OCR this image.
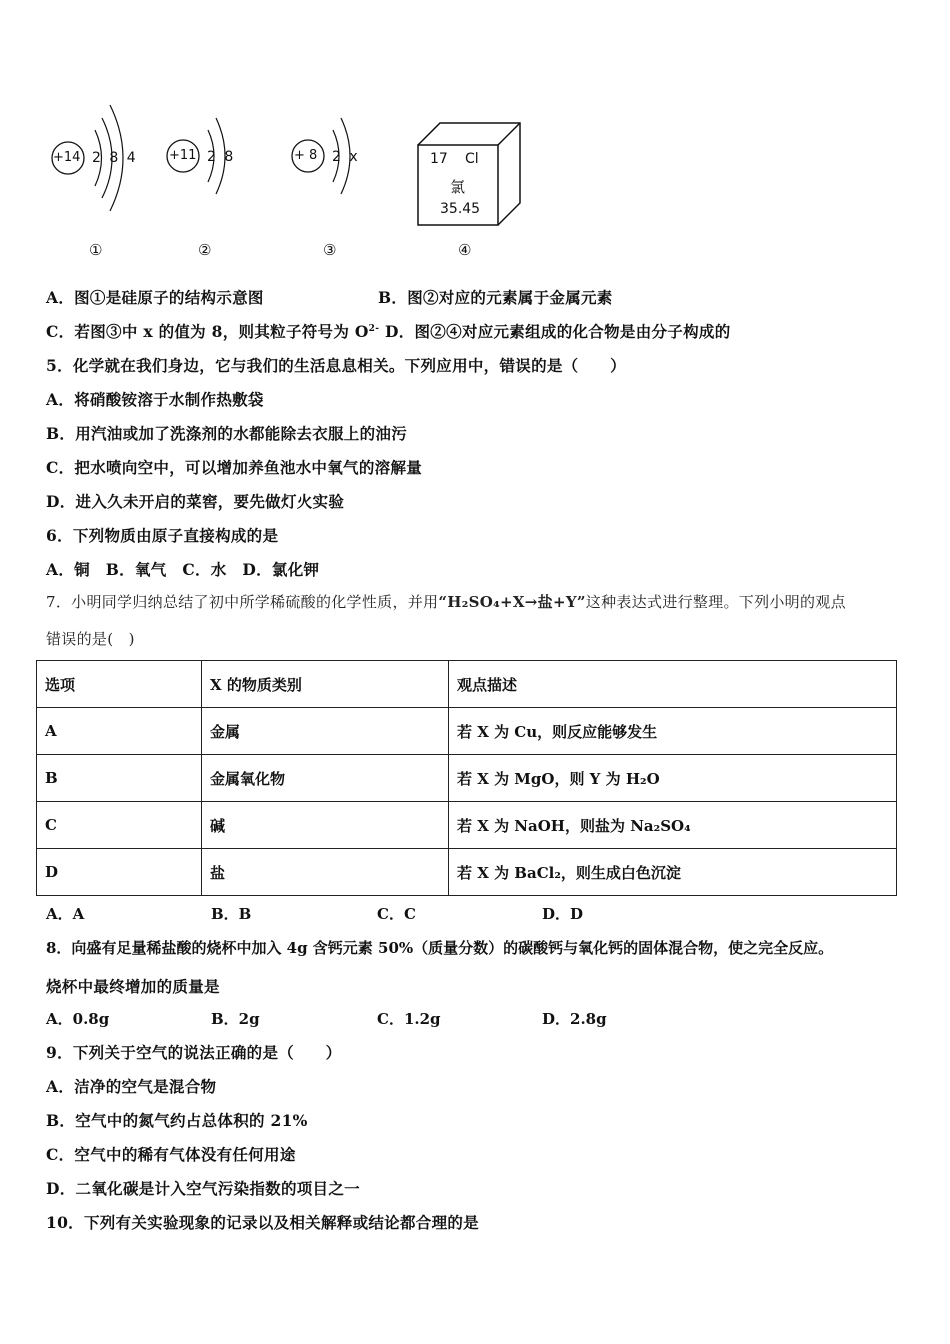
+14 2 8 4 +11 2 8	+ 8 2 x	17 Cl
氯
35.45
①	②	③	④
A．图①是硅原子的结构示意图	B．图②对应的元素属于金属元素
C．若图③中 x 的值为 8，则其粒子符号为 $O^{2-}$ D．图②④对应元素组成的化合物是由分子构成的
5．化学就在我们身边，它与我们的生活息息相关。下列应用中，错误的是（　　）
A．将硝酸铵溶于水制作热敷袋
B．用汽油或加了洗涤剂的水都能除去衣服上的油污
C．把水喷向空中，可以增加养鱼池水中氧气的溶解量
D．进入久未开启的菜窖，要先做灯火实验
6．下列物质由原子直接构成的是
A．铜　B．氧气　C．水　D．氯化钾
7．小明同学归纳总结了初中所学稀硫酸的化学性质，并用“H₂SO₄+X→盐+Y”这种表达式进行整理。下列小明的观点
错误的是(　)
选项	X 的物质类别	观点描述
A	金属	若 X 为 Cu，则反应能够发生
B	金属氧化物	若 X 为 MgO，则 Y 为 H₂O
C	碱	若 X 为 NaOH，则盐为 Na₂SO₄
D	盐	若 X 为 BaCl₂，则生成白色沉淀
A．A	B．B	C．C	D．D
8．向盛有足量稀盐酸的烧杯中加入 4g 含钙元素 50%（质量分数）的碳酸钙与氧化钙的固体混合物，使之完全反应。
烧杯中最终增加的质量是
A．0.8g	B．2g	C．1.2g	D．2.8g
9．下列关于空气的说法正确的是（　　）
A．洁净的空气是混合物
B．空气中的氮气约占总体积的 21%
C．空气中的稀有气体没有任何用途
D．二氧化碳是计入空气污染指数的项目之一
10．下列有关实验现象的记录以及相关解释或结论都合理的是
